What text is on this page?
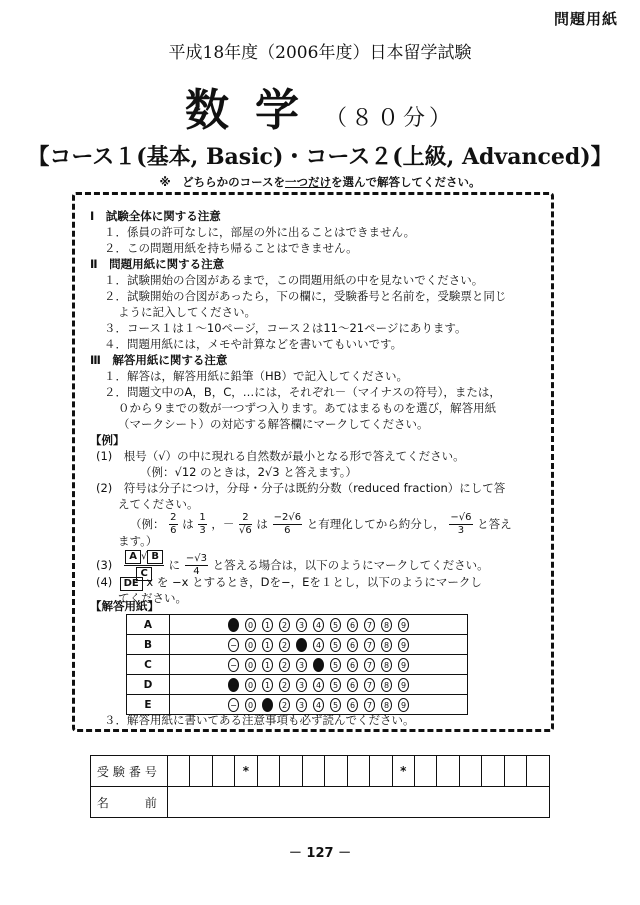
問題用紙
平成18年度（2006年度）日本留学試験
数学（８０分）
【コース１(基本, Basic)・コース２(上級, Advanced)】
※　どちらかのコースを一つだけを選んで解答してください。
Ⅰ　試験全体に関する注意
１．係員の許可なしに，部屋の外に出ることはできません。
２．この問題用紙を持ち帰ることはできません。
Ⅱ　問題用紙に関する注意
１．試験開始の合図があるまで，この問題用紙の中を見ないでください。
２．試験開始の合図があったら，下の欄に，受験番号と名前を，受験票と同じ
ように記入してください。
３．コース１は１〜10ページ，コース２は11〜21ページにあります。
４．問題用紙には，メモや計算などを書いてもいいです。
Ⅲ　解答用紙に関する注意
１．解答は，解答用紙に鉛筆（HB）で記入してください。
２．問題文中のA，B，C，…には，それぞれ－（マイナスの符号），または，
０から９までの数が一つずつ入ります。あてはまるものを選び，解答用紙
（マークシート）の対応する解答欄にマークしてください。
【例】
(1)　根号（√）の中に現れる自然数が最小となる形で答えてください。
（例：√12 のときは，2√3 と答えます。）
(2)　符号は分子につけ，分母・分子は既約分数（reduced fraction）にして答
えてください。
（例： $\frac{2}{6}$ は $\frac{1}{3}$ ，－ $\frac{2}{√6}$ は $\frac{-2√6}{6}$ と有理化してから約分し， $\frac{-√6}{3}$ と答え
ます。）
$(3) \frac{A √ B}{C}$ に $\frac{-√3}{4}$ と答える場合は，以下のようにマークしてください。
(4) DE x を −x とするとき，Dを−，Eを１とし，以下のようにマークし
てください。
【解答用紙】
A	− 0 1 2 3 4 5 6 7 8 9
B	− 0 1 2 3 4 5 6 7 8 9
C	− 0 1 2 3 4 5 6 7 8 9
D	− 0 1 2 3 4 5 6 7 8 9
E	− 0 1 2 3 4 5 6 7 8 9
３．解答用紙に書いてある注意事項も必ず読んでください。
受験番号				*							*						
名　　前																	
－ 127 －
